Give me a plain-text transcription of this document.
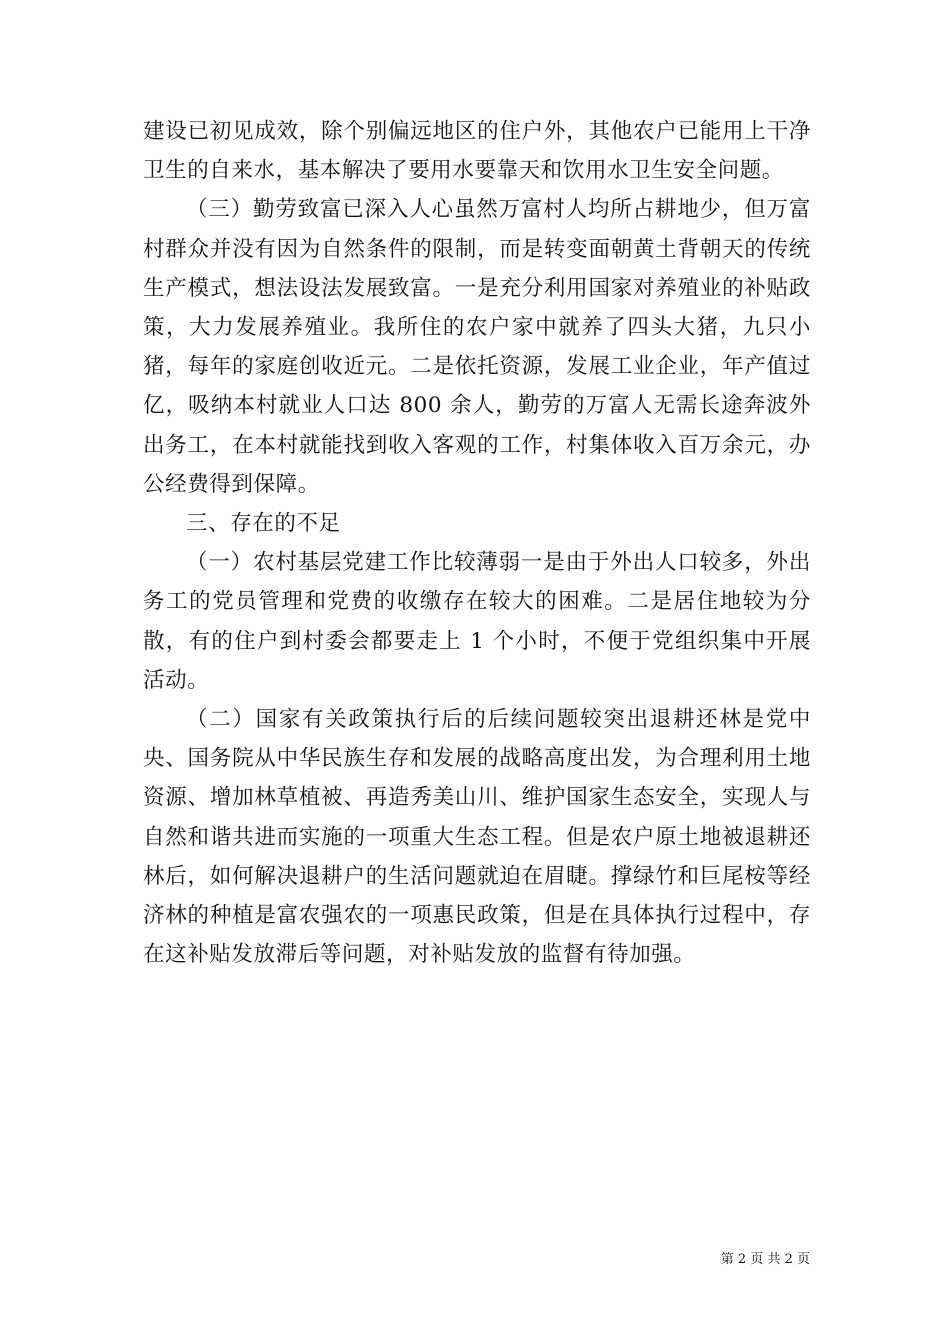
建设已初见成效，除个别偏远地区的住户外，其他农户已能用上干净卫生的自来水，基本解决了要用水要靠天和饮用水卫生安全问题。

（三）勤劳致富已深入人心虽然万富村人均所占耕地少，但万富村群众并没有因为自然条件的限制，而是转变面朝黄土背朝天的传统生产模式，想法设法发展致富。一是充分利用国家对养殖业的补贴政策，大力发展养殖业。我所住的农户家中就养了四头大猪，九只小猪，每年的家庭创收近元。二是依托资源，发展工业企业，年产值过亿，吸纳本村就业人口达 800 余人，勤劳的万富人无需长途奔波外出务工，在本村就能找到收入客观的工作，村集体收入百万余元，办公经费得到保障。

三、存在的不足

（一）农村基层党建工作比较薄弱一是由于外出人口较多，外出务工的党员管理和党费的收缴存在较大的困难。二是居住地较为分散，有的住户到村委会都要走上 1 个小时，不便于党组织集中开展活动。

（二）国家有关政策执行后的后续问题较突出退耕还林是党中央、国务院从中华民族生存和发展的战略高度出发，为合理利用土地资源、增加林草植被、再造秀美山川、维护国家生态安全，实现人与自然和谐共进而实施的一项重大生态工程。但是农户原土地被退耕还林后，如何解决退耕户的生活问题就迫在眉睫。撑绿竹和巨尾桉等经济林的种植是富农强农的一项惠民政策，但是在具体执行过程中，存在这补贴发放滞后等问题，对补贴发放的监督有待加强。

第 2 页 共 2 页
